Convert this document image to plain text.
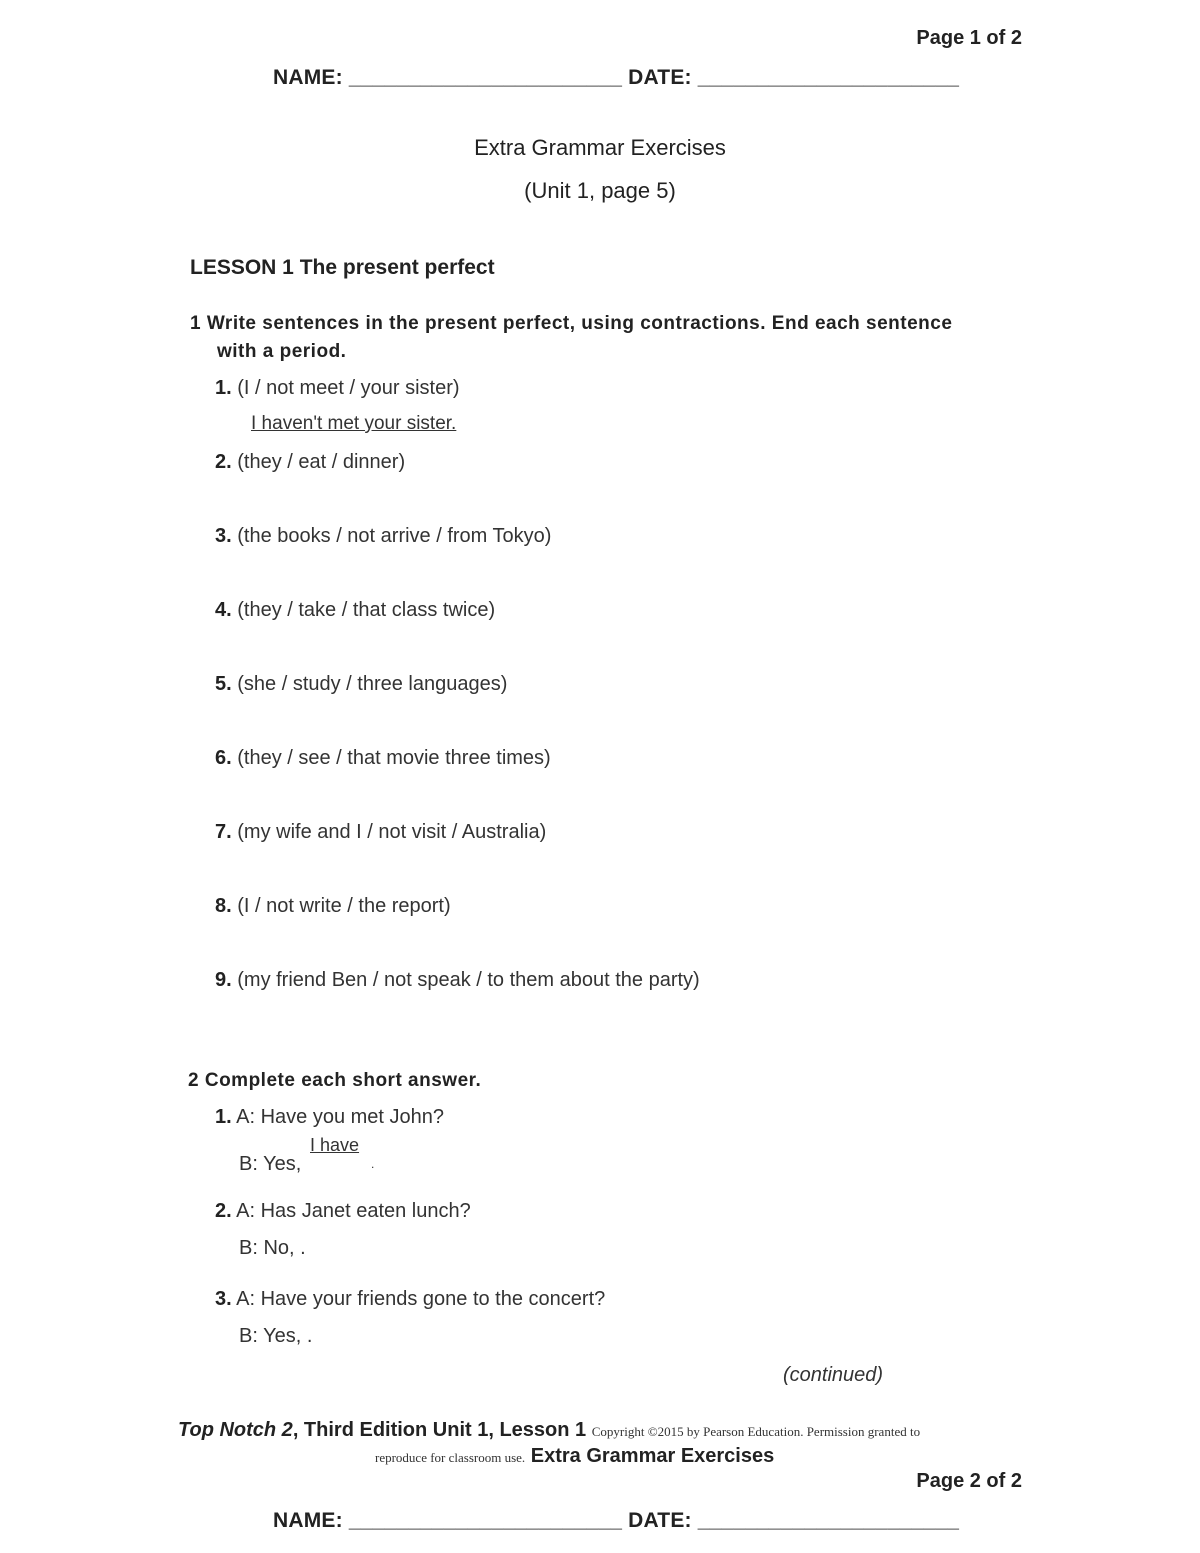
Page 1 of 2
NAME: _______________________ DATE: ______________________
Extra Grammar Exercises
(Unit 1, page 5)
LESSON 1 The present perfect
1 Write sentences in the present perfect, using contractions. End each sentence
with a period.
1. (I / not meet / your sister)
I haven't met your sister.
2. (they / eat / dinner)
3. (the books / not arrive / from Tokyo)
4. (they / take / that class twice)
5. (she / study / three languages)
6. (they / see / that movie three times)
7. (my wife and I / not visit / Australia)
8. (I / not write / the report)
9. (my friend Ben / not speak / to them about the party)
2 Complete each short answer.
1. A: Have you met John?
I have
B: Yes,	.
2. A: Has Janet eaten lunch?
B: No, .
3. A: Have your friends gone to the concert?
B: Yes, .
(continued)
Top Notch 2, Third Edition Unit 1, Lesson 1 Copyright ©2015 by Pearson Education. Permission granted to
reproduce for classroom use. Extra Grammar Exercises
Page 2 of 2
NAME: _______________________ DATE: ______________________
